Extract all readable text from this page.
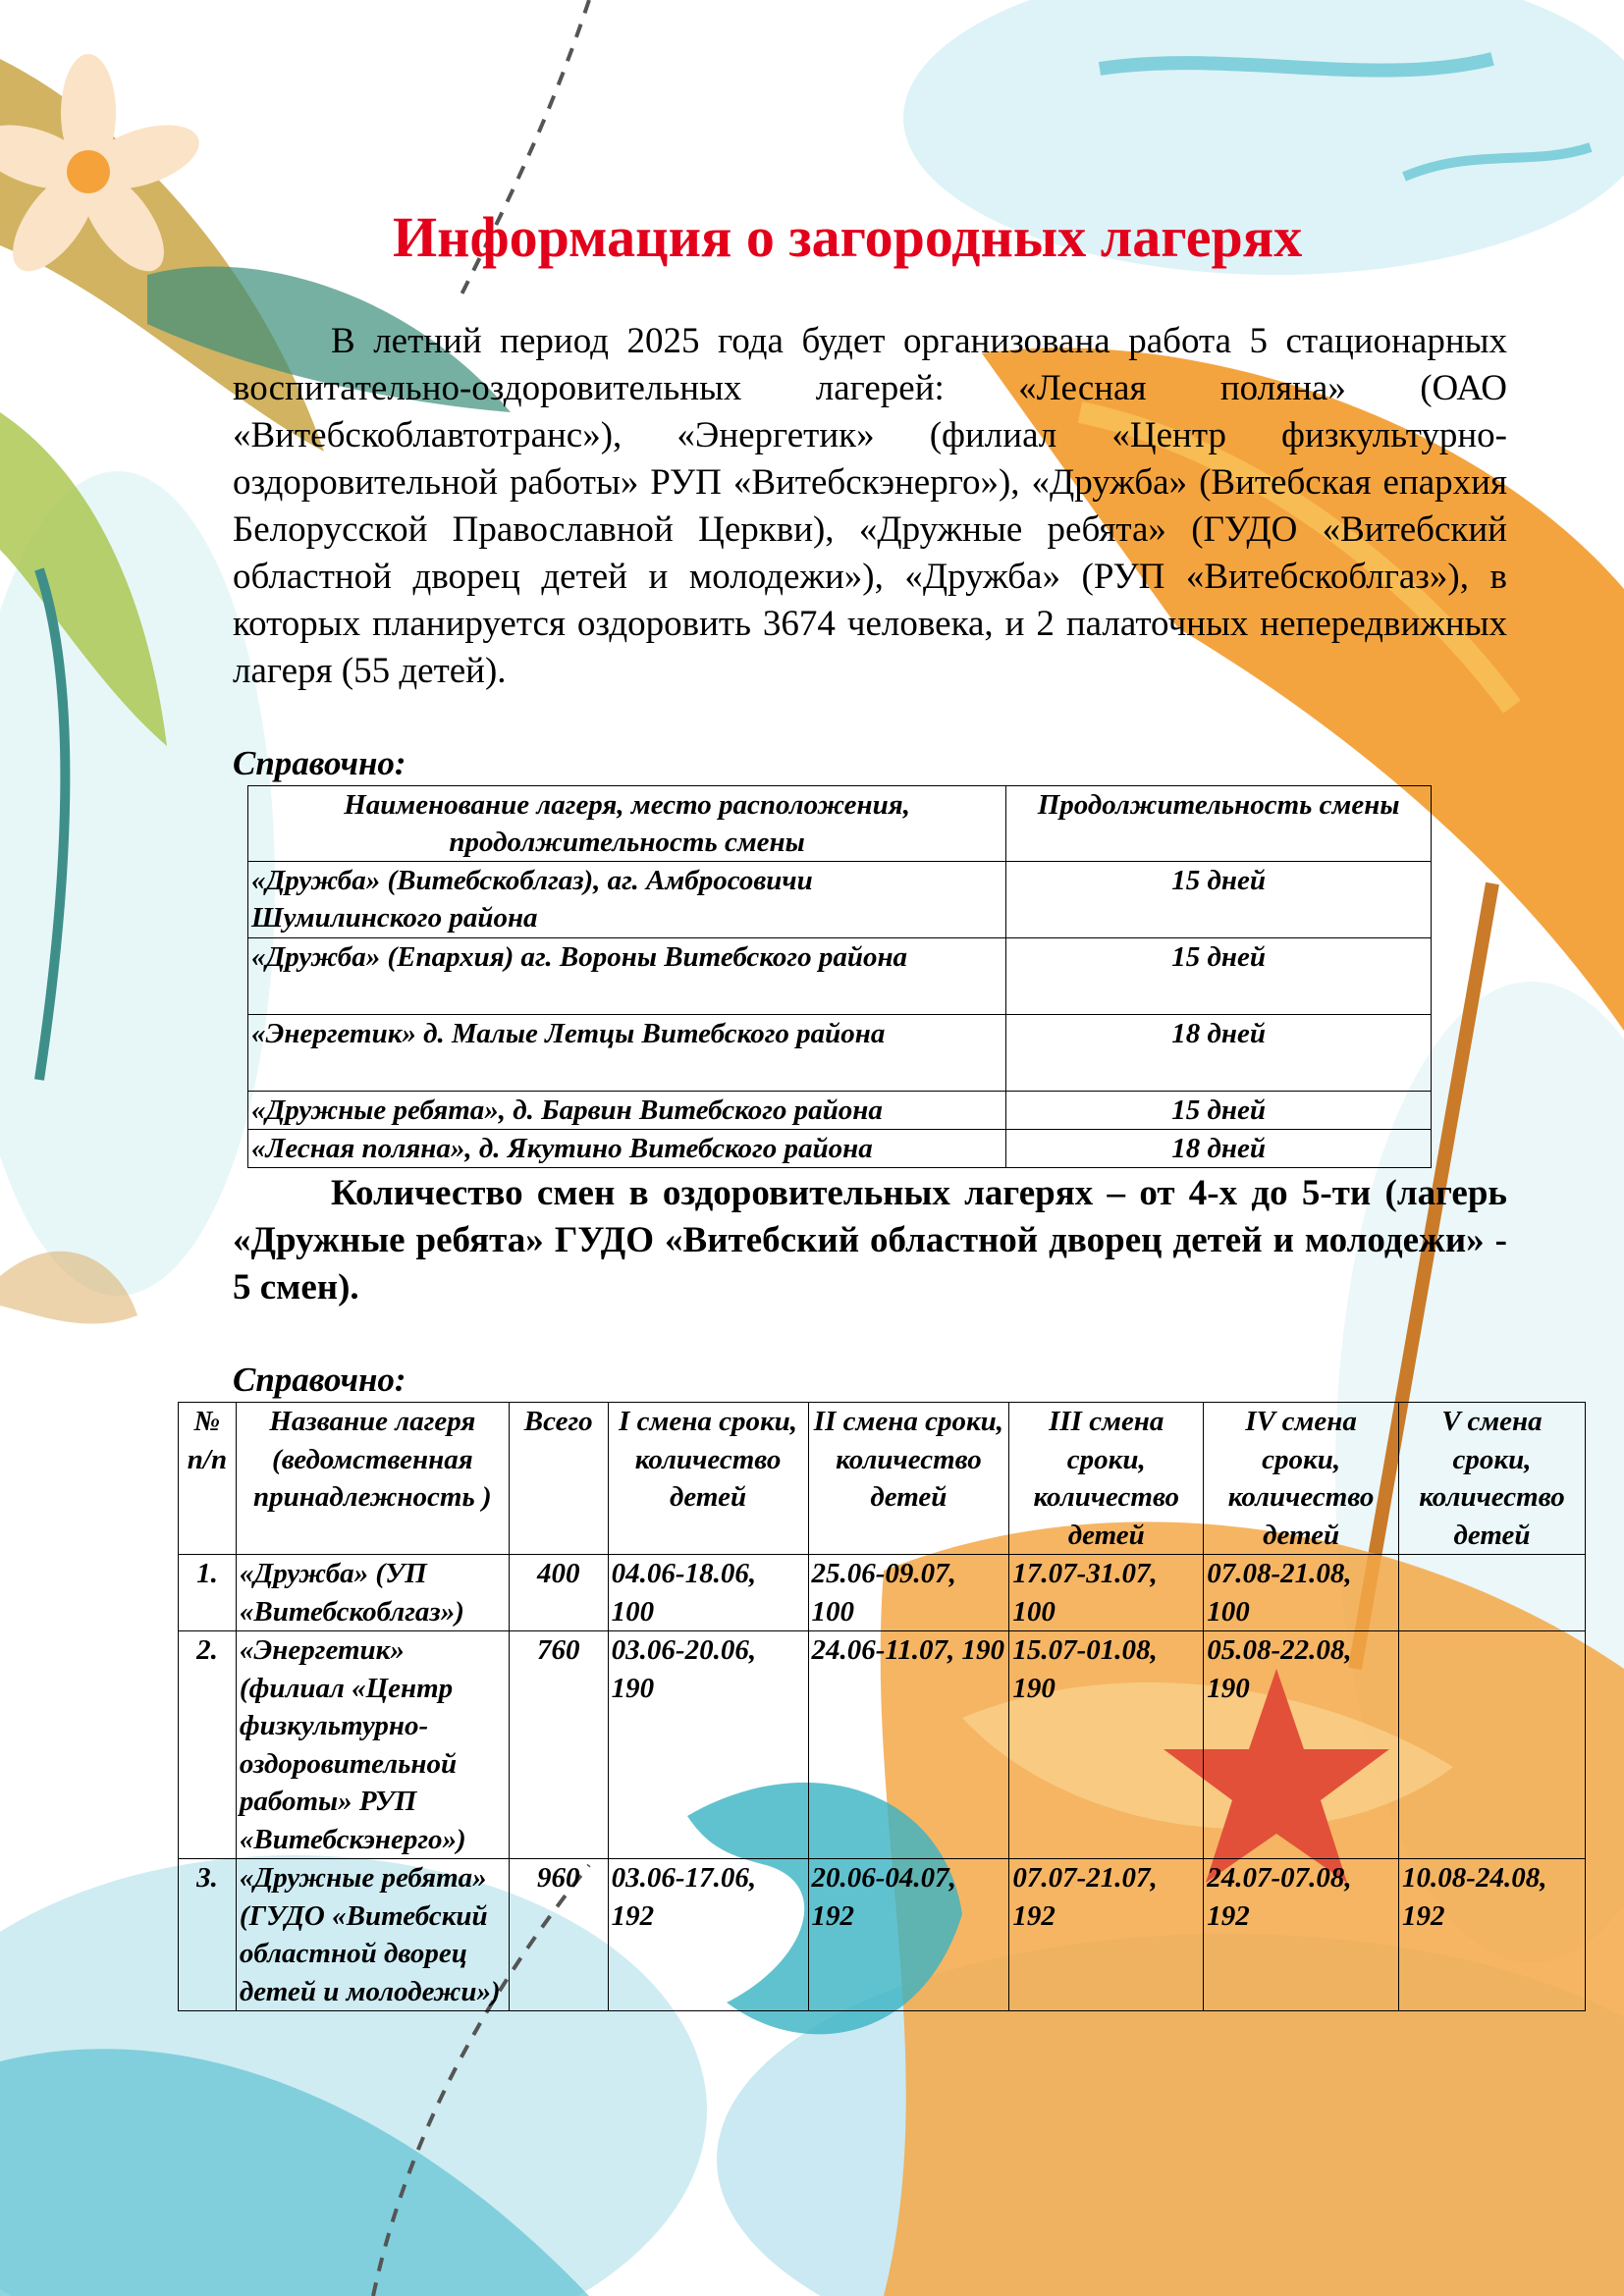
Информация о загородных лагерях
В летний период 2025 года будет организована работа 5 стационарных воспитательно-оздоровительных лагерей: «Лесная поляна» (ОАО «Витебскоблавтотранс»), «Энергетик» (филиал «Центр физкультурно-оздоровительной работы» РУП «Витебскэнерго»), «Дружба» (Витебская епархия Белорусской Православной Церкви), «Дружные ребята» (ГУДО «Витебский областной дворец детей и молодежи»), «Дружба» (РУП «Витебскоблгаз»), в которых планируется оздоровить 3674 человека, и 2 палаточных непередвижных лагеря (55 детей).
Справочно:
Наименование лагеря, место расположения, продолжительность смены	Продолжительность смены
«Дружба» (Витебскоблгаз), аг. Амбросовичи Шумилинского района	15 дней
«Дружба» (Епархия) аг. Вороны Витебского района	15 дней
«Энергетик» д. Малые Летцы Витебского района	18 дней
«Дружные ребята», д. Барвин Витебского района	15 дней
«Лесная поляна», д. Якутино Витебского района	18 дней
Количество смен в оздоровительных лагерях – от 4-х до 5-ти (лагерь «Дружные ребята» ГУДО «Витебский областной дворец детей и молодежи» - 5 смен).
Справочно:
№ п/п	Название лагеря (ведомственная принадлежность )	Всего	I смена сроки, количество детей	II смена сроки, количество детей	III смена сроки, количество детей	IV смена сроки, количество детей	V смена сроки, количество детей
1.	«Дружба» (УП «Витебскоблгаз»)	400	04.06-18.06, 100	25.06-09.07, 100	17.07-31.07, 100	07.08-21.08, 100	
2.	«Энергетик» (филиал «Центр физкультурно-оздоровительной работы» РУП «Витебскэнерго»)	760	03.06-20.06, 190	24.06-11.07, 190	15.07-01.08, 190	05.08-22.08, 190	
3.	«Дружные ребята» (ГУДО «Витебский областной дворец детей и молодежи»)	960	03.06-17.06, 192	20.06-04.07, 192	07.07-21.07, 192	24.07-07.08, 192	10.08-24.08, 192
